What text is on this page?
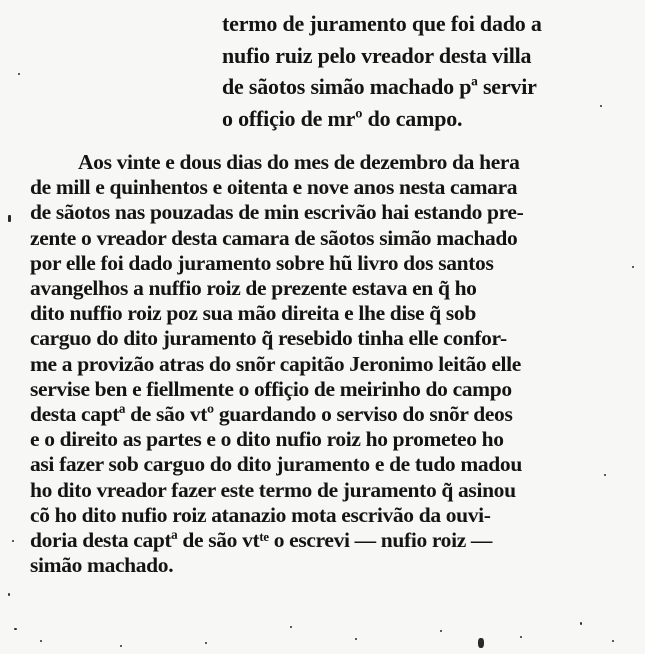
termo de juramento que foi dado a
nufio ruiz pelo vreador desta villa
de sãotos simão machado pª servir
o offiçio de mrº do campo.
Aos vinte e dous dias do mes de dezembro da hera
de mill e quinhentos e oitenta e nove anos nesta camara
de sãotos nas pouzadas de min escrivão hai estando pre-
zente o vreador desta camara de sãotos simão machado
por elle foi dado juramento sobre hũ livro dos santos
avangelhos a nuffio roiz de prezente estava en q̃ ho
dito nuffio roiz poz sua mão direita e lhe dise q̃ sob
carguo do dito juramento q̃ resebido tinha elle confor-
me a provizão atras do snõr capitão Jeronimo leitão elle
servise ben e fiellmente o offiçio de meirinho do campo
desta captª de são vtº guardando o serviso do snõr deos
e o direito as partes e o dito nufio roiz ho prometeo ho
asi fazer sob carguo do dito juramento e de tudo madou
ho dito vreador fazer este termo de juramento q̃ asinou
cõ ho dito nufio roiz atanazio mota escrivão da ouvi-
doria desta captª de são vtᵗᵉ o escrevi — nufio roiz —
simão machado.
